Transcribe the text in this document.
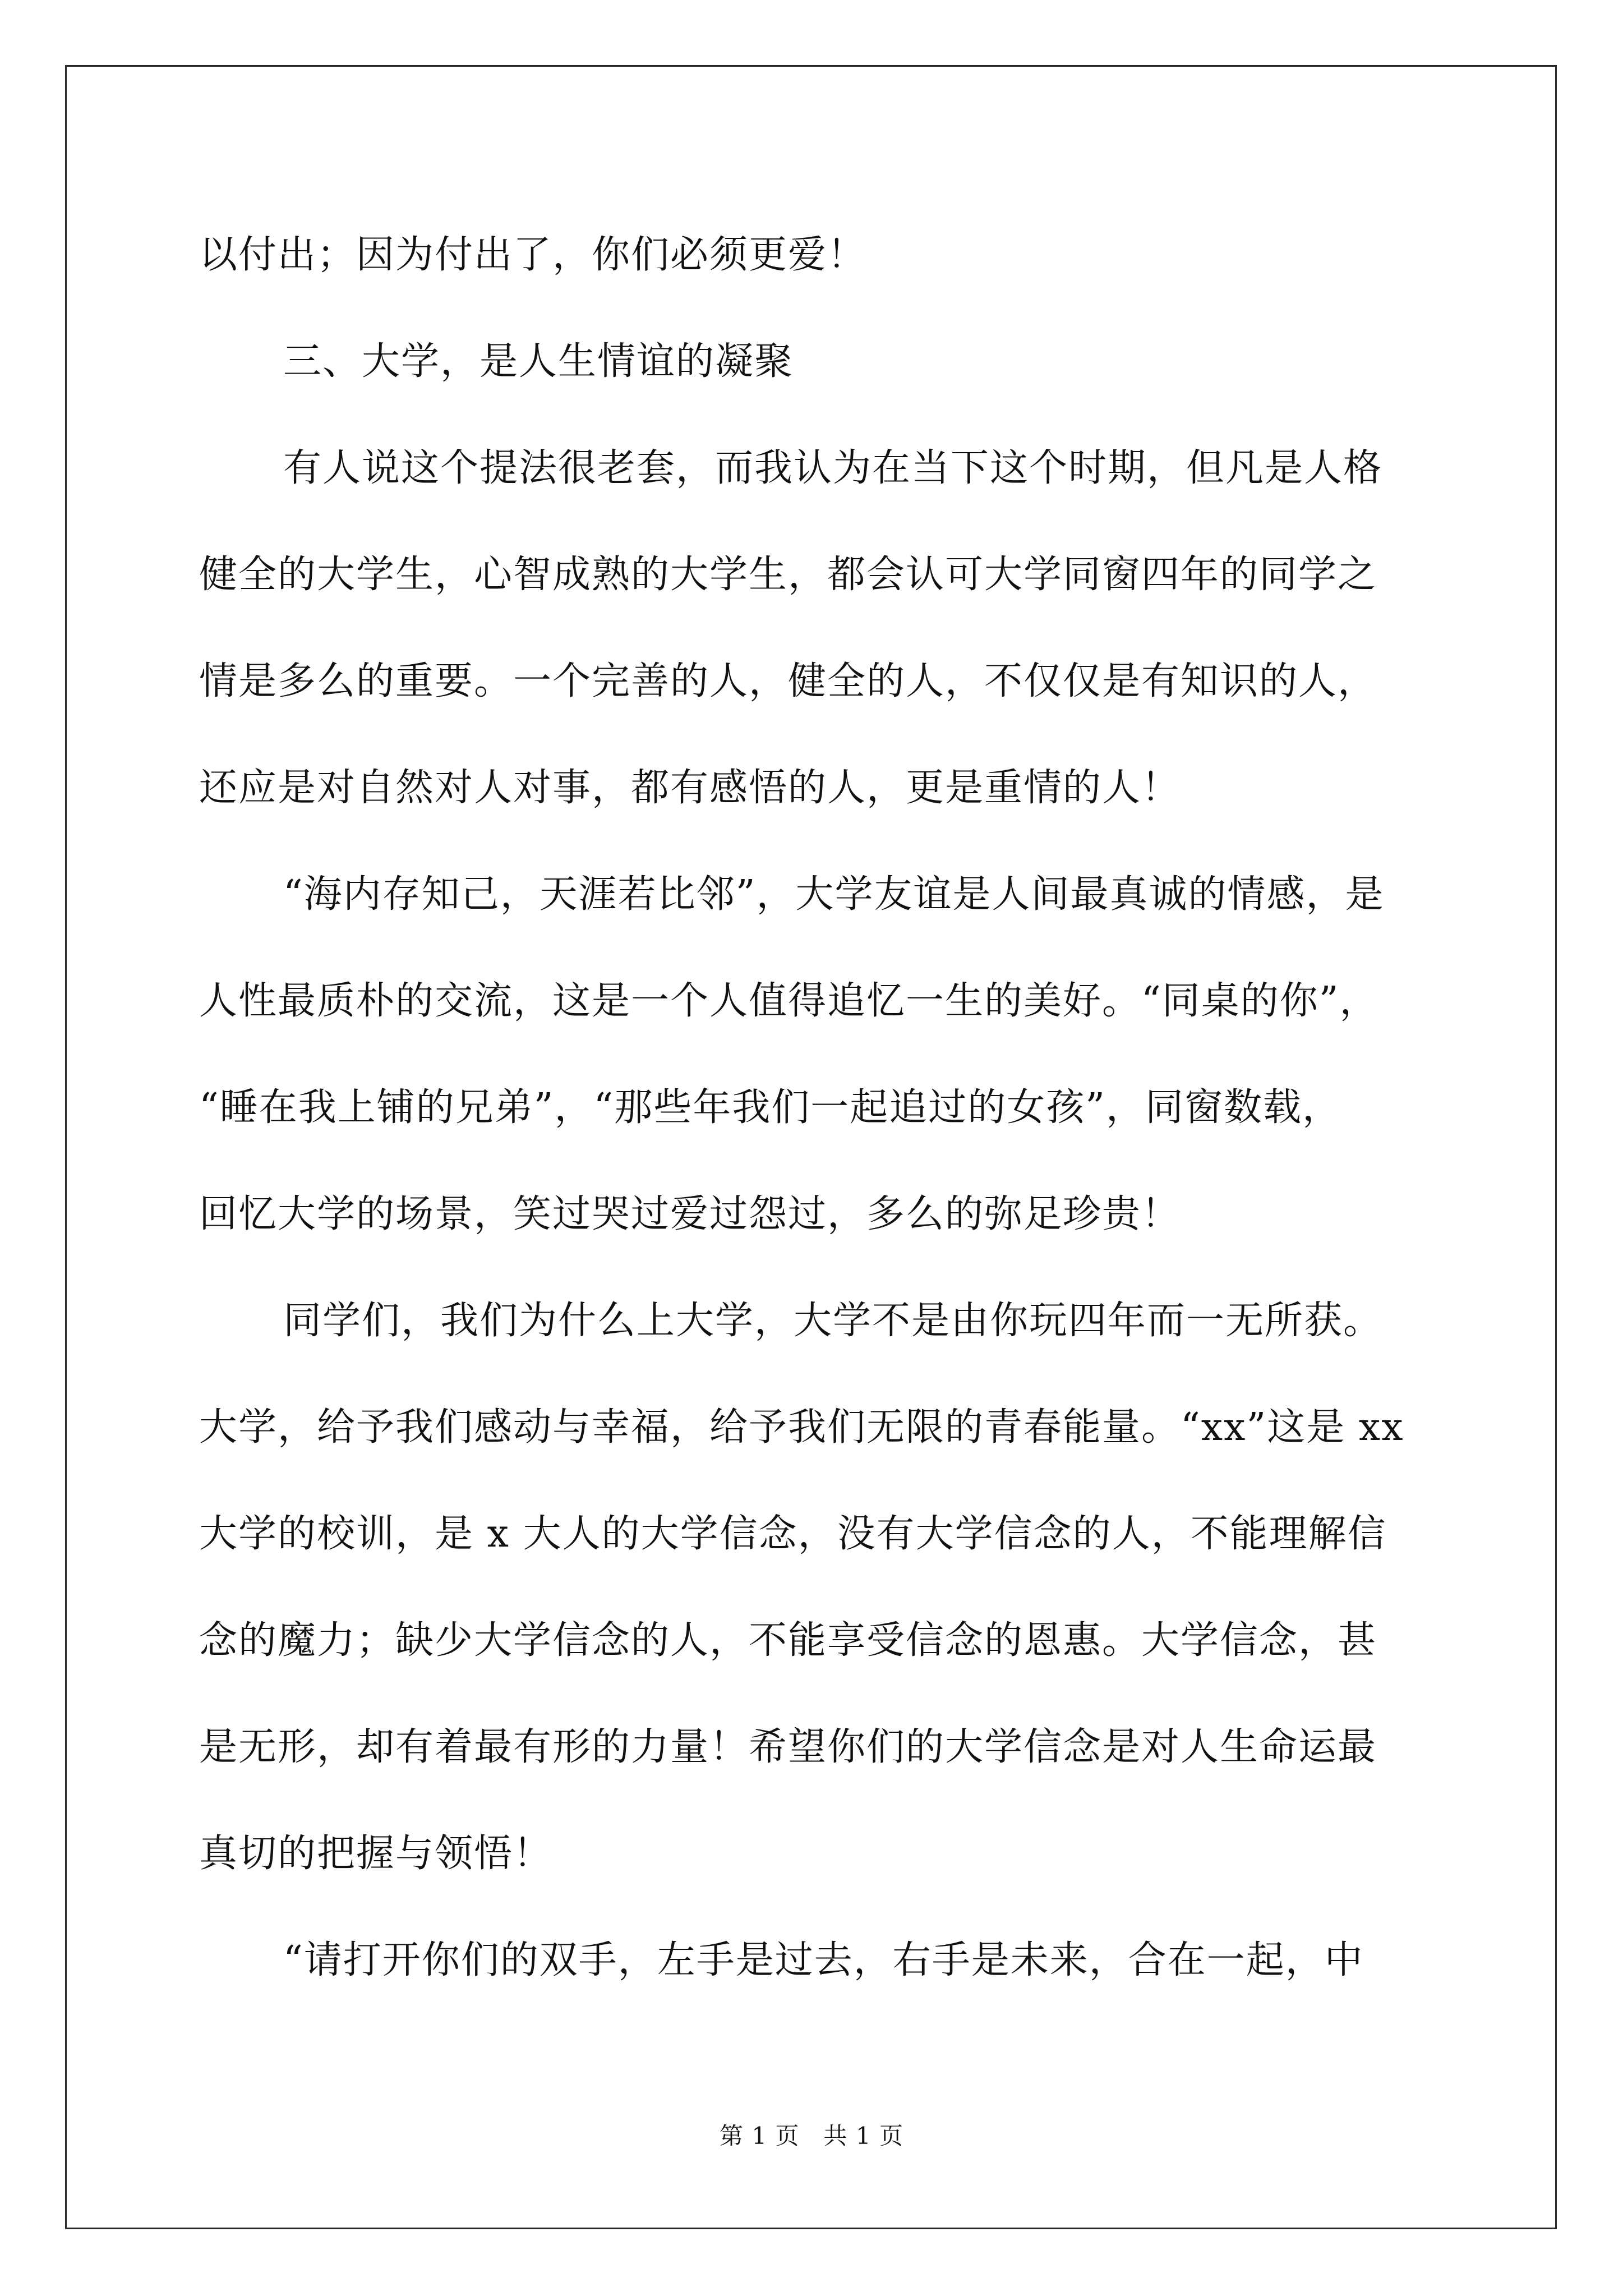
以付出；因为付出了，你们必须更爱！

三、大学，是人生情谊的凝聚

有人说这个提法很老套，而我认为在当下这个时期，但凡是人格

健全的大学生，心智成熟的大学生，都会认可大学同窗四年的同学之

情是多么的重要。一个完善的人，健全的人，不仅仅是有知识的人，

还应是对自然对人对事，都有感悟的人，更是重情的人！

“海内存知己，天涯若比邻”，大学友谊是人间最真诚的情感，是

人性最质朴的交流，这是一个人值得追忆一生的美好。“同桌的你”，

“睡在我上铺的兄弟”，“那些年我们一起追过的女孩”，同窗数载，

回忆大学的场景，笑过哭过爱过怨过，多么的弥足珍贵！

同学们，我们为什么上大学，大学不是由你玩四年而一无所获。

大学，给予我们感动与幸福，给予我们无限的青春能量。“xx”这是 xx

大学的校训，是 x 大人的大学信念，没有大学信念的人，不能理解信

念的魔力；缺少大学信念的人，不能享受信念的恩惠。大学信念，甚

是无形，却有着最有形的力量！希望你们的大学信念是对人生命运最

真切的把握与领悟！

“请打开你们的双手，左手是过去，右手是未来，合在一起，中

第 1 页   共 1 页
